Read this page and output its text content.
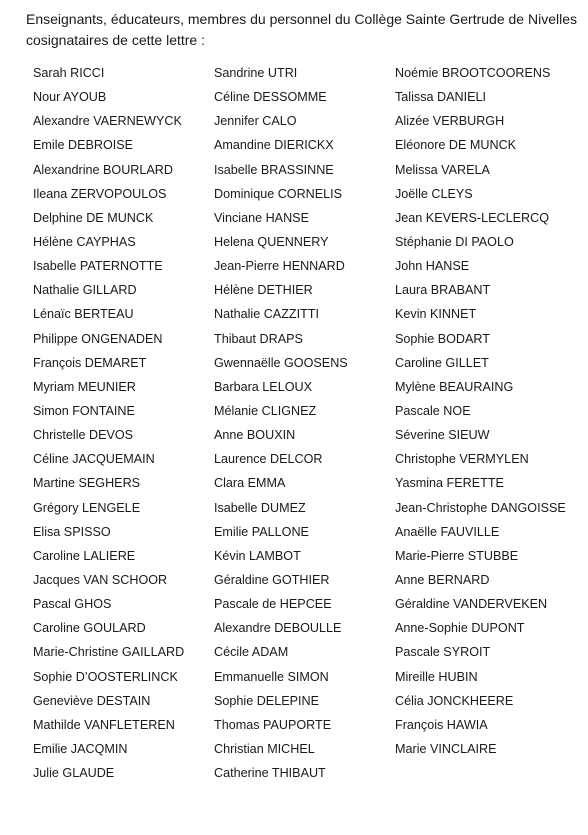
Enseignants, éducateurs, membres du personnel du Collège Sainte Gertrude de Nivelles
cosignataires de cette lettre :

Sarah RICCI
Nour AYOUB
Alexandre VAERNEWYCK
Emile DEBROISE
Alexandrine BOURLARD
Ileana ZERVOPOULOS
Delphine DE MUNCK
Hélène CAYPHAS
Isabelle PATERNOTTE
Nathalie GILLARD
Lénaïc BERTEAU
Philippe ONGENADEN
François DEMARET
Myriam MEUNIER
Simon FONTAINE
Christelle DEVOS
Céline JACQUEMAIN
Martine SEGHERS
Grégory LENGELE
Elisa SPISSO
Caroline LALIERE
Jacques VAN SCHOOR
Pascal GHOS
Caroline GOULARD
Marie-Christine GAILLARD
Sophie D’OOSTERLINCK
Geneviève DESTAIN
Mathilde VANFLETEREN
Emilie JACQMIN
Julie GLAUDE
Sandrine UTRI
Céline DESSOMME
Jennifer CALO
Amandine DIERICKX
Isabelle BRASSINNE
Dominique CORNELIS
Vinciane HANSE
Helena QUENNERY
Jean-Pierre HENNARD
Hélène DETHIER
Nathalie CAZZITTI
Thibaut DRAPS
Gwennaëlle GOOSENS
Barbara LELOUX
Mélanie CLIGNEZ
Anne BOUXIN
Laurence DELCOR
Clara EMMA
Isabelle DUMEZ
Emilie PALLONE
Kévin LAMBOT
Géraldine GOTHIER
Pascale de HEPCEE
Alexandre DEBOULLE
Cécile ADAM
Emmanuelle SIMON
Sophie DELEPINE
Thomas PAUPORTE
Christian MICHEL
Catherine THIBAUT
Noémie BROOTCOORENS
Talissa DANIELI
Alizée VERBURGH
Eléonore DE MUNCK
Melissa VARELA
Joëlle CLEYS
Jean KEVERS-LECLERCQ
Stéphanie DI PAOLO
John HANSE
Laura BRABANT
Kevin KINNET
Sophie BODART
Caroline GILLET
Mylène BEAURAING
Pascale NOE
Séverine SIEUW
Christophe VERMYLEN
Yasmina FERETTE
Jean-Christophe DANGOISSE
Anaëlle FAUVILLE
Marie-Pierre STUBBE
Anne BERNARD
Géraldine VANDERVEKEN
Anne-Sophie DUPONT
Pascale SYROIT
Mireille HUBIN
Célia JONCKHEERE
François HAWIA
Marie VINCLAIRE
